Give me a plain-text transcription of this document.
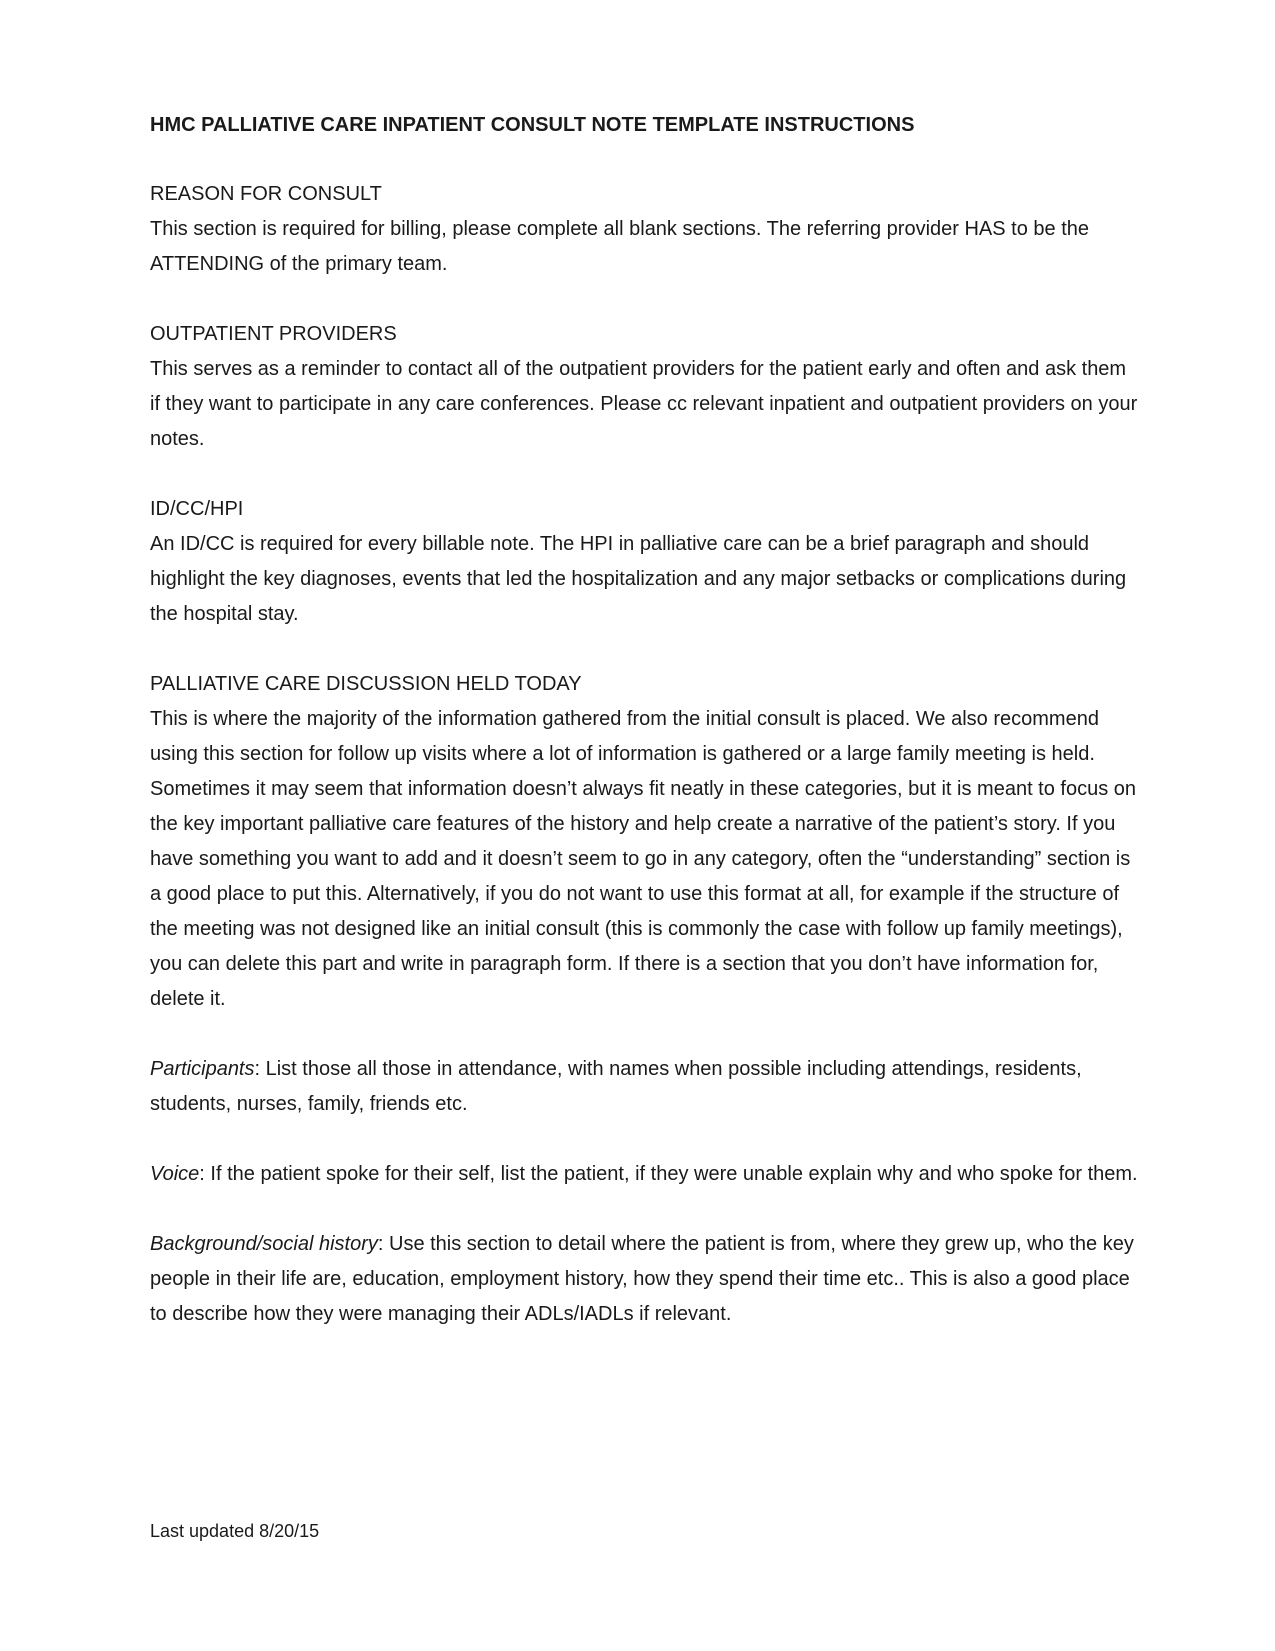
HMC PALLIATIVE CARE INPATIENT CONSULT NOTE TEMPLATE INSTRUCTIONS
REASON FOR CONSULT

This section is required for billing, please complete all blank sections. The referring provider HAS to be the ATTENDING of the primary team.

OUTPATIENT PROVIDERS

This serves as a reminder to contact all of the outpatient providers for the patient early and often and ask them if they want to participate in any care conferences. Please cc relevant inpatient and outpatient providers on your notes.

ID/CC/HPI

An ID/CC is required for every billable note. The HPI in palliative care can be a brief paragraph and should highlight the key diagnoses, events that led the hospitalization and any major setbacks or complications during the hospital stay.

PALLIATIVE CARE DISCUSSION HELD TODAY

This is where the majority of the information gathered from the initial consult is placed. We also recommend using this section for follow up visits where a lot of information is gathered or a large family meeting is held. Sometimes it may seem that information doesn’t always fit neatly in these categories, but it is meant to focus on the key important palliative care features of the history and help create a narrative of the patient’s story. If you have something you want to add and it doesn’t seem to go in any category, often the “understanding” section is a good place to put this. Alternatively, if you do not want to use this format at all, for example if the structure of the meeting was not designed like an initial consult (this is commonly the case with follow up family meetings), you can delete this part and write in paragraph form. If there is a section that you don’t have information for, delete it.

Participants: List those all those in attendance, with names when possible including attendings, residents, students, nurses, family, friends etc.

Voice: If the patient spoke for their self, list the patient, if they were unable explain why and who spoke for them.

Background/social history: Use this section to detail where the patient is from, where they grew up, who the key people in their life are, education, employment history, how they spend their time etc.. This is also a good place to describe how they were managing their ADLs/IADLs if relevant.

Last updated 8/20/15
